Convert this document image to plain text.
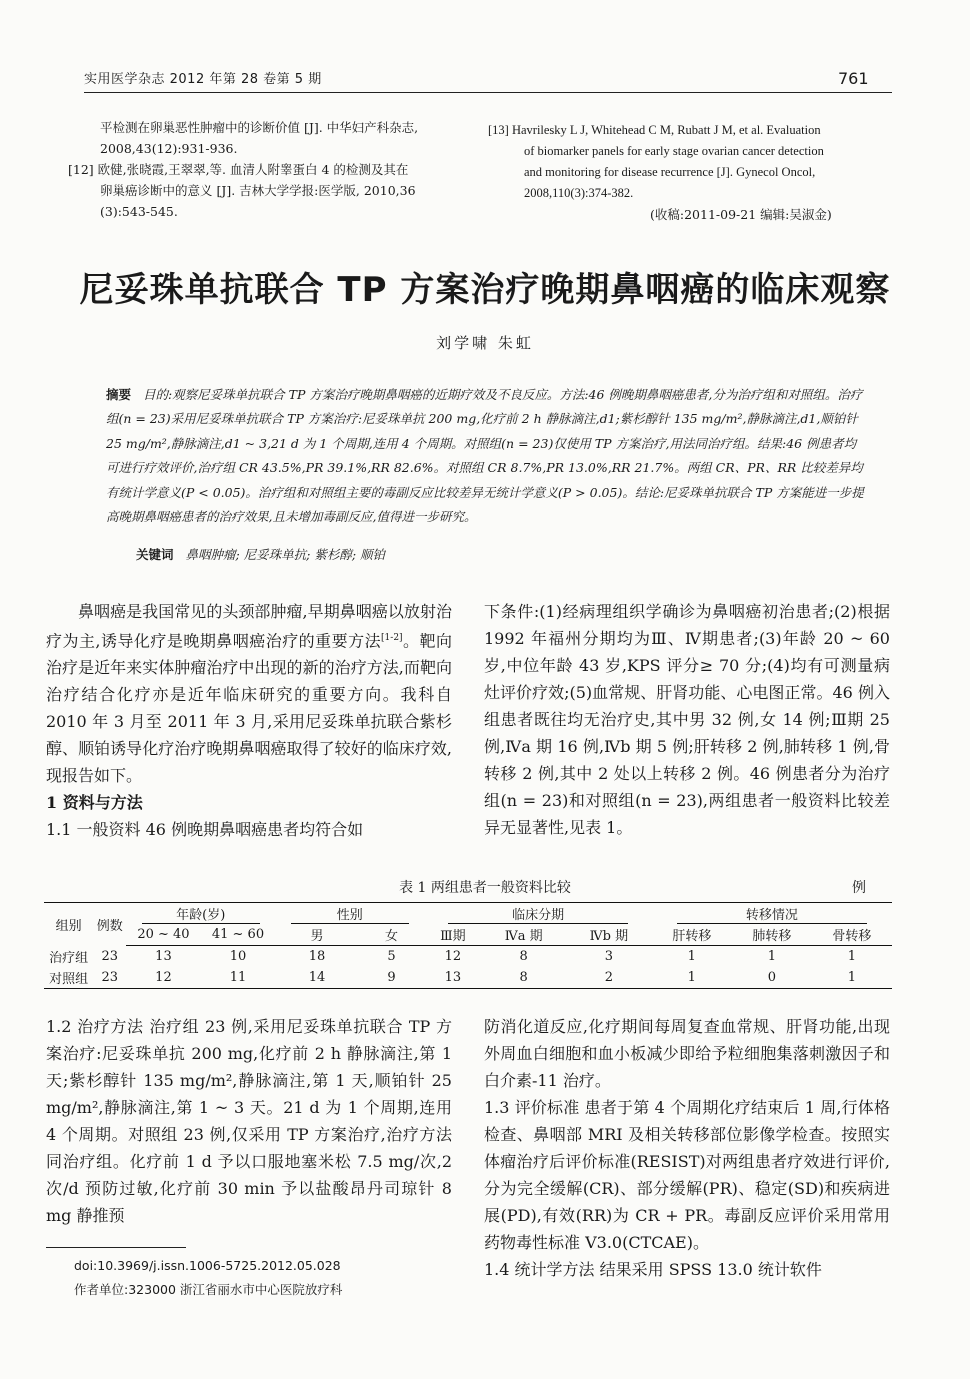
实用医学杂志 2012 年第 28 卷第 5 期	761
平检测在卵巢恶性肿瘤中的诊断价值 [J]. 中华妇产科杂志,
2008,43(12):931-936.
[12] 欧健,张晓霞,王翠翠,等. 血清人附睾蛋白 4 的检测及其在
卵巢癌诊断中的意义 [J]. 吉林大学学报:医学版, 2010,36
(3):543-545.
[13] Havrilesky L J, Whitehead C M, Rubatt J M, et al. Evaluation
of biomarker panels for early stage ovarian cancer detection
and monitoring for disease recurrence [J]. Gynecol Oncol,
2008,110(3):374-382.
(收稿:2011-09-21 编辑:吴淑金)
尼妥珠单抗联合 TP 方案治疗晚期鼻咽癌的临床观察
刘学啸 朱虹
摘要 目的:观察尼妥珠单抗联合 TP 方案治疗晚期鼻咽癌的近期疗效及不良反应。方法:46 例晚期鼻咽癌患者,分为治疗组和对照组。治疗组(n = 23)采用尼妥珠单抗联合 TP 方案治疗:尼妥珠单抗 200 mg,化疗前 2 h 静脉滴注,d1;紫杉醇针 135 mg/m²,静脉滴注,d1,顺铂针 25 mg/m²,静脉滴注,d1 ~ 3,21 d 为 1 个周期,连用 4 个周期。对照组(n = 23)仅使用 TP 方案治疗,用法同治疗组。结果:46 例患者均可进行疗效评价,治疗组 CR 43.5%,PR 39.1%,RR 82.6%。对照组 CR 8.7%,PR 13.0%,RR 21.7%。两组 CR、PR、RR 比较差异均有统计学意义(P < 0.05)。治疗组和对照组主要的毒副反应比较差异无统计学意义(P > 0.05)。结论:尼妥珠单抗联合 TP 方案能进一步提高晚期鼻咽癌患者的治疗效果,且未增加毒副反应,值得进一步研究。
关键词 鼻咽肿瘤; 尼妥珠单抗; 紫杉醇; 顺铂
鼻咽癌是我国常见的头颈部肿瘤,早期鼻咽癌以放射治疗为主,诱导化疗是晚期鼻咽癌治疗的重要方法[1-2]。靶向治疗是近年来实体肿瘤治疗中出现的新的治疗方法,而靶向治疗结合化疗亦是近年临床研究的重要方向。我科自 2010 年 3 月至 2011 年 3 月,采用尼妥珠单抗联合紫杉醇、顺铂诱导化疗治疗晚期鼻咽癌取得了较好的临床疗效,现报告如下。
1 资料与方法
1.1 一般资料 46 例晚期鼻咽癌患者均符合如
下条件:(1)经病理组织学确诊为鼻咽癌初治患者;(2)根据 1992 年福州分期均为Ⅲ、Ⅳ期患者;(3)年龄 20 ~ 60 岁,中位年龄 43 岁,KPS 评分≥ 70 分;(4)均有可测量病灶评价疗效;(5)血常规、肝肾功能、心电图正常。46 例入组患者既往均无治疗史,其中男 32 例,女 14 例;Ⅲ期 25 例,Ⅳa 期 16 例,Ⅳb 期 5 例;肝转移 2 例,肺转移 1 例,骨转移 2 例,其中 2 处以上转移 2 例。46 例患者分为治疗组(n = 23)和对照组(n = 23),两组患者一般资料比较差异无显著性,见表 1。
表 1 两组患者一般资料比较	例
组别	例数	年龄(岁)		性别		临床分期			转移情况		
		20 ~ 40	41 ~ 60	男	女	Ⅲ期	Ⅳa 期	Ⅳb 期	肝转移	肺转移	骨转移
治疗组	23	13	10	18	5	12	8	3	1	1	1
对照组	23	12	11	14	9	13	8	2	1	0	1
1.2 治疗方法 治疗组 23 例,采用尼妥珠单抗联合 TP 方案治疗:尼妥珠单抗 200 mg,化疗前 2 h 静脉滴注,第 1 天;紫杉醇针 135 mg/m²,静脉滴注,第 1 天,顺铂针 25 mg/m²,静脉滴注,第 1 ~ 3 天。21 d 为 1 个周期,连用 4 个周期。对照组 23 例,仅采用 TP 方案治疗,治疗方法同治疗组。化疗前 1 d 予以口服地塞米松 7.5 mg/次,2 次/d 预防过敏,化疗前 30 min 予以盐酸昂丹司琼针 8 mg 静推预
防消化道反应,化疗期间每周复查血常规、肝肾功能,出现外周血白细胞和血小板减少即给予粒细胞集落刺激因子和白介素-11 治疗。
1.3 评价标准 患者于第 4 个周期化疗结束后 1 周,行体格检查、鼻咽部 MRI 及相关转移部位影像学检查。按照实体瘤治疗后评价标准(RESIST)对两组患者疗效进行评价,分为完全缓解(CR)、部分缓解(PR)、稳定(SD)和疾病进展(PD),有效(RR)为 CR + PR。毒副反应评价采用常用药物毒性标准 V3.0(CTCAE)。
1.4 统计学方法 结果采用 SPSS 13.0 统计软件
doi:10.3969/j.issn.1006-5725.2012.05.028
作者单位:323000 浙江省丽水市中心医院放疗科
